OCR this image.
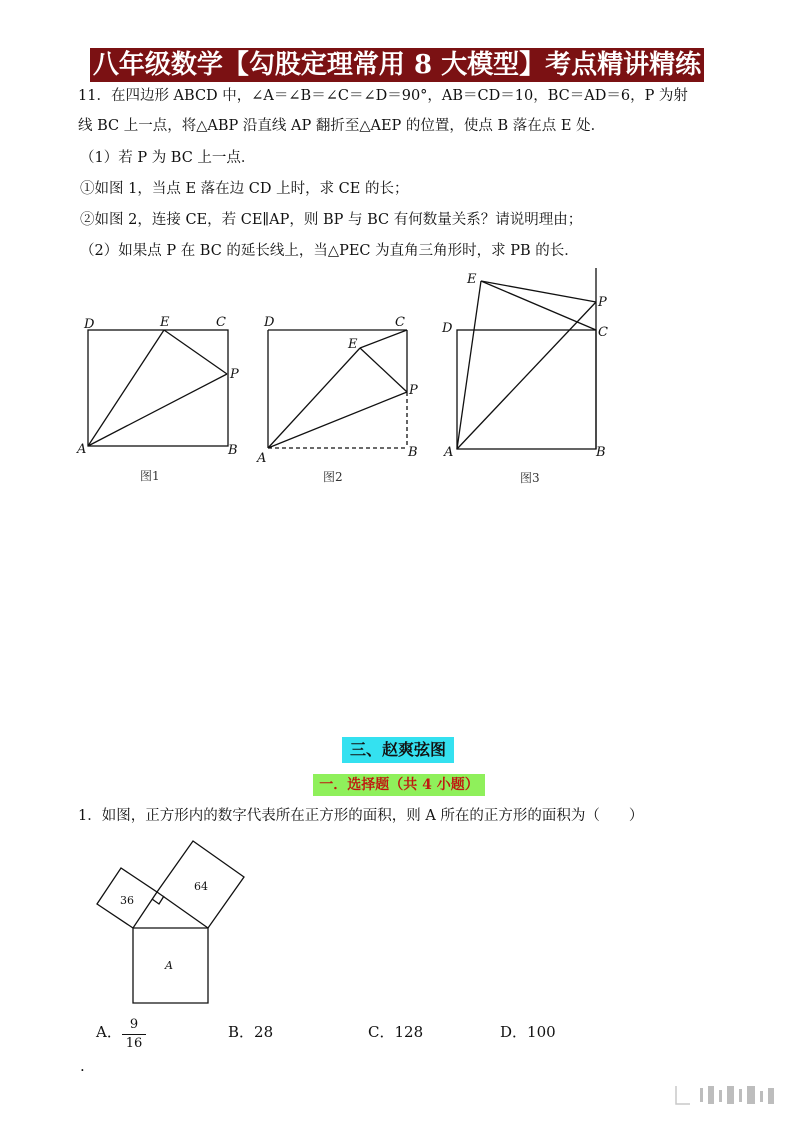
八年级数学【勾股定理常用 8 大模型】考点精讲精练
11．在四边形 ABCD 中，∠A＝∠B＝∠C＝∠D＝90°，AB＝CD＝10，BC＝AD＝6，P 为射
线 BC 上一点，将△ABP 沿直线 AP 翻折至△AEP 的位置，使点 B 落在点 E 处．
（1）若 P 为 BC 上一点．
①如图 1，当点 E 落在边 CD 上时，求 CE 的长；
②如图 2，连接 CE，若 CE∥AP，则 BP 与 BC 有何数量关系？请说明理由；
（2）如果点 P 在 BC 的延长线上，当△PEC 为直角三角形时，求 PB 的长．
D	E	C
P
A	B
图1
D	C
E
P
A	B
图2
E
P
D	C
A	B
图3
三、赵爽弦图
一．选择题（共 4 小题）
1．如图，正方形内的数字代表所在正方形的面积，则 A 所在的正方形的面积为（　　）
36
64
A
A． 9
16
B．28	C．128	D．100
.
